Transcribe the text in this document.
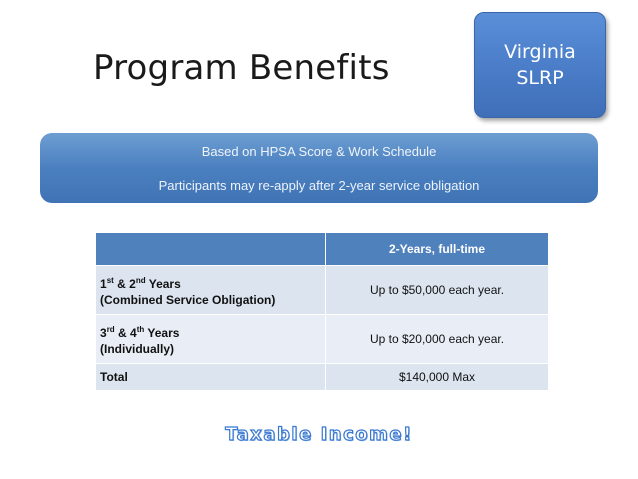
Program Benefits	Virginia
SLRP
Based on HPSA Score & Work Schedule
Participants may re-apply after 2-year service obligation
	2-Years, full-time
1st & 2nd Years
(Combined Service Obligation)	Up to $50,000 each year.
3rd & 4th Years
(Individually)	Up to $20,000 each year.
Total	$140,000 Max
Taxable Income!
